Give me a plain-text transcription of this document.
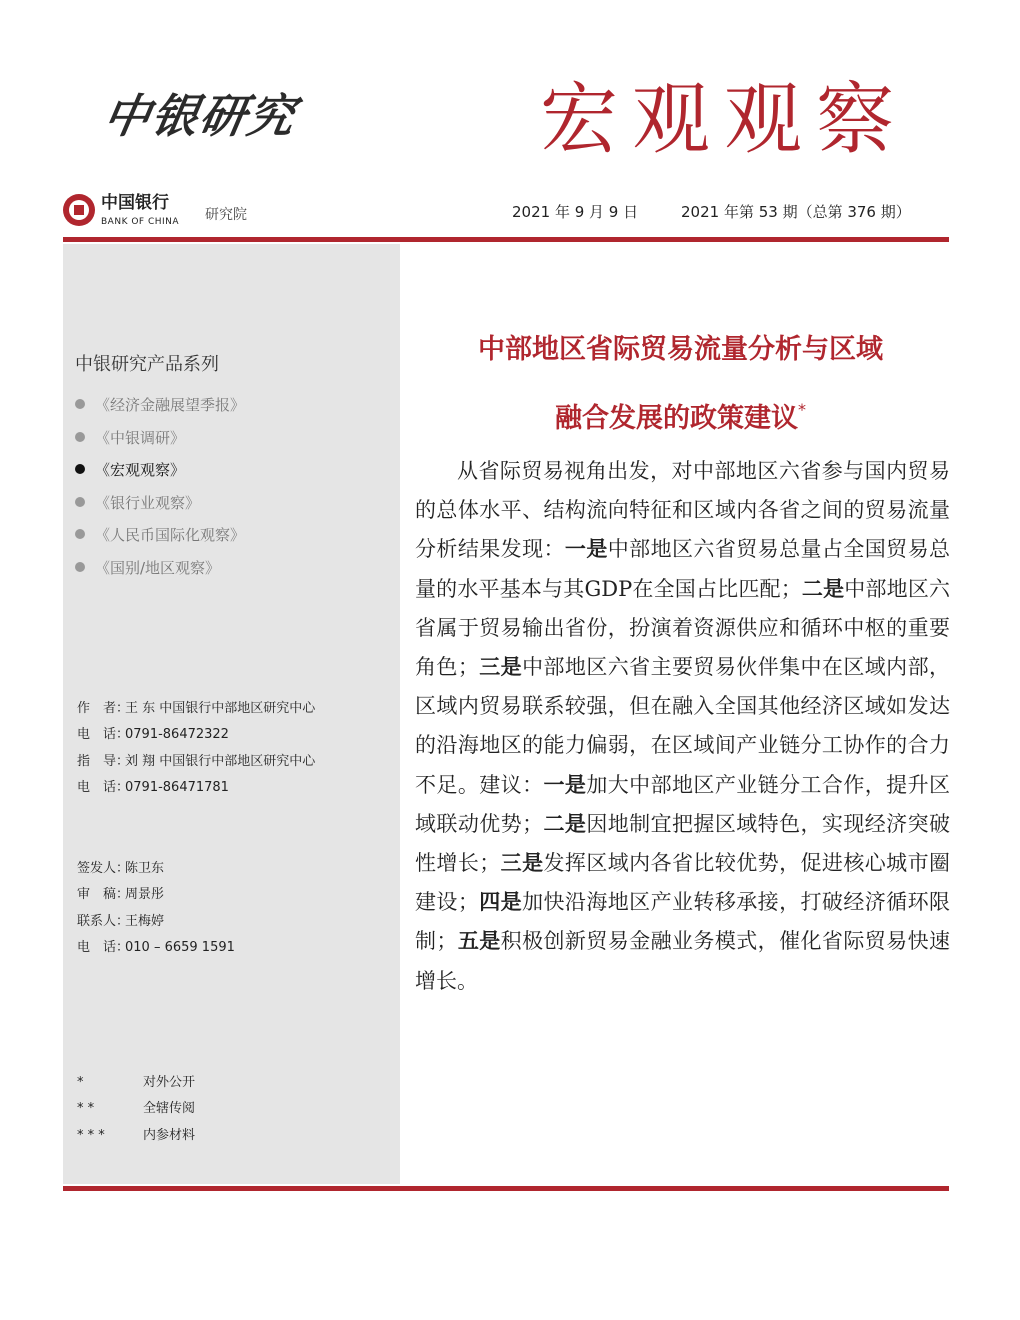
中银研究	宏观观察
中国银行
BANK OF CHINA 研究院	2021 年 9 月 9 日	2021 年第 53 期（总第 376 期）
中银研究产品系列
《经济金融展望季报》
《中银调研》
《宏观观察》
《银行业观察》
《人民币国际化观察》
《国别/地区观察》
作　者：王 东 中国银行中部地区研究中心
电　话：0791-86472322
指　导：刘 翔 中国银行中部地区研究中心
电　话：0791-86471781
签发人：陈卫东
审　稿：周景彤
联系人：王梅婷
电　话：010 – 6659 1591
*	对外公开
* *	全辖传阅
* * *	内参材料
中部地区省际贸易流量分析与区域
融合发展的政策建议*

从省际贸易视角出发，对中部地区六省参与国内贸易的总体水平、结构流向特征和区域内各省之间的贸易流量分析结果发现：一是中部地区六省贸易总量占全国贸易总量的水平基本与其GDP在全国占比匹配；二是中部地区六省属于贸易输出省份，扮演着资源供应和循环中枢的重要角色；三是中部地区六省主要贸易伙伴集中在区域内部，区域内贸易联系较强，但在融入全国其他经济区域如发达的沿海地区的能力偏弱，在区域间产业链分工协作的合力不足。建议：一是加大中部地区产业链分工合作，提升区域联动优势；二是因地制宜把握区域特色，实现经济突破性增长；三是发挥区域内各省比较优势，促进核心城市圈建设；四是加快沿海地区产业转移承接，打破经济循环限制；五是积极创新贸易金融业务模式，催化省际贸易快速增长。
